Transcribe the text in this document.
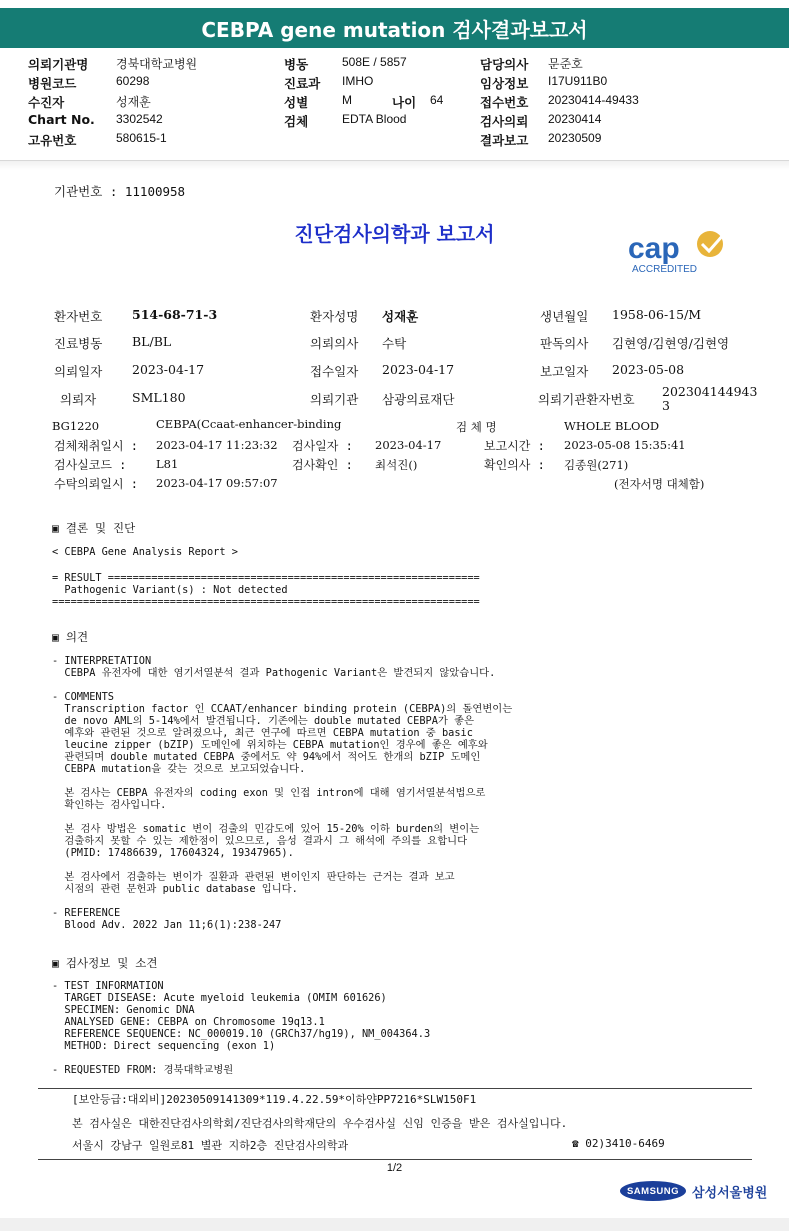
CEBPA gene mutation 검사결과보고서
의뢰기관명 경북대학교병원	병동	508E / 5857	담당의사 문준호
병원코드	60298	진료과 IMHO	임상정보 I17U911B0
수진자	성재훈	성별	M	나이 64	접수번호 20230414-49433
Chart No. 3302542	검체	EDTA Blood	검사의뢰 20230414
고유번호	580615-1	결과보고 20230509
기관번호 : 11100958
진단검사의학과 보고서	cap
ACCREDITED
환자번호 514-68-71-3	환자성명 성재훈	생년월일 1958-06-15/M
진료병동 BL/BL	의뢰의사 수탁	판독의사 김현영/김현영/김현영
의뢰일자 2023-04-17	접수일자 2023-04-17	보고일자 2023-05-08
의뢰자	SML180	의뢰기관 삼광의료재단	의뢰기관환자번호
202304144943
3
BG1220	CEBPA(Ccaat-enhancer-binding	검 체 명	WHOLE BLOOD
검체채취일시 : 2023-04-17 11:23:32 검사일자 : 2023-04-17	보고시간 : 2023-05-08 15:35:41
검사실코드 :	L81	검사확인 : 최석진()	확인의사 : 김종원(271)
수탁의뢰일시 : 2023-04-17 09:57:07	(전자서명 대체함)
▣ 결론 및 진단
< CEBPA Gene Analysis Report >
= RESULT ============================================================
Pathogenic Variant(s) : Not detected
=====================================================================
▣ 의견
- INTERPRETATION
CEBPA 유전자에 대한 염기서열분석 결과 Pathogenic Variant은 발견되지 않았습니다.

- COMMENTS
Transcription factor 인 CCAAT/enhancer binding protein (CEBPA)의 돌연변이는
de novo AML의 5-14%에서 발견됩니다. 기존에는 double mutated CEBPA가 좋은
예후와 관련된 것으로 알려졌으나, 최근 연구에 따르면 CEBPA mutation 중 basic
leucine zipper (bZIP) 도메인에 위치하는 CEBPA mutation인 경우에 좋은 예후와
관련되며 double mutated CEBPA 중에서도 약 94%에서 적어도 한개의 bZIP 도메인
CEBPA mutation을 갖는 것으로 보고되었습니다.

본 검사는 CEBPA 유전자의 coding exon 및 인접 intron에 대해 염기서열분석법으로
확인하는 검사입니다.

본 검사 방법은 somatic 변이 검출의 민감도에 있어 15-20% 이하 burden의 변이는
검출하지 못할 수 있는 제한점이 있으므로, 음성 결과시 그 해석에 주의를 요합니다
(PMID: 17486639, 17604324, 19347965).

본 검사에서 검출하는 변이가 질환과 관련된 변이인지 판단하는 근거는 결과 보고
시점의 관련 문헌과 public database 입니다.

- REFERENCE
Blood Adv. 2022 Jan 11;6(1):238-247
▣ 검사정보 및 소견
- TEST INFORMATION
TARGET DISEASE: Acute myeloid leukemia (OMIM 601626)
SPECIMEN: Genomic DNA
ANALYSED GENE: CEBPA on Chromosome 19q13.1
REFERENCE SEQUENCE: NC_000019.10 (GRCh37/hg19), NM_004364.3
METHOD: Direct sequencing (exon 1)

- REQUESTED FROM: 경북대학교병원
[보안등급:대외비]20230509141309*119.4.22.59*이하얀PP7216*SLW150F1
본 검사실은 대한진단검사의학회/진단검사의학재단의 우수검사실 신임 인증을 받은 검사실입니다.
서울시 강남구 일원로81 별관 지하2층 진단검사의학과	☎ 02)3410-6469
1/2
SAMSUNG 삼성서울병원
